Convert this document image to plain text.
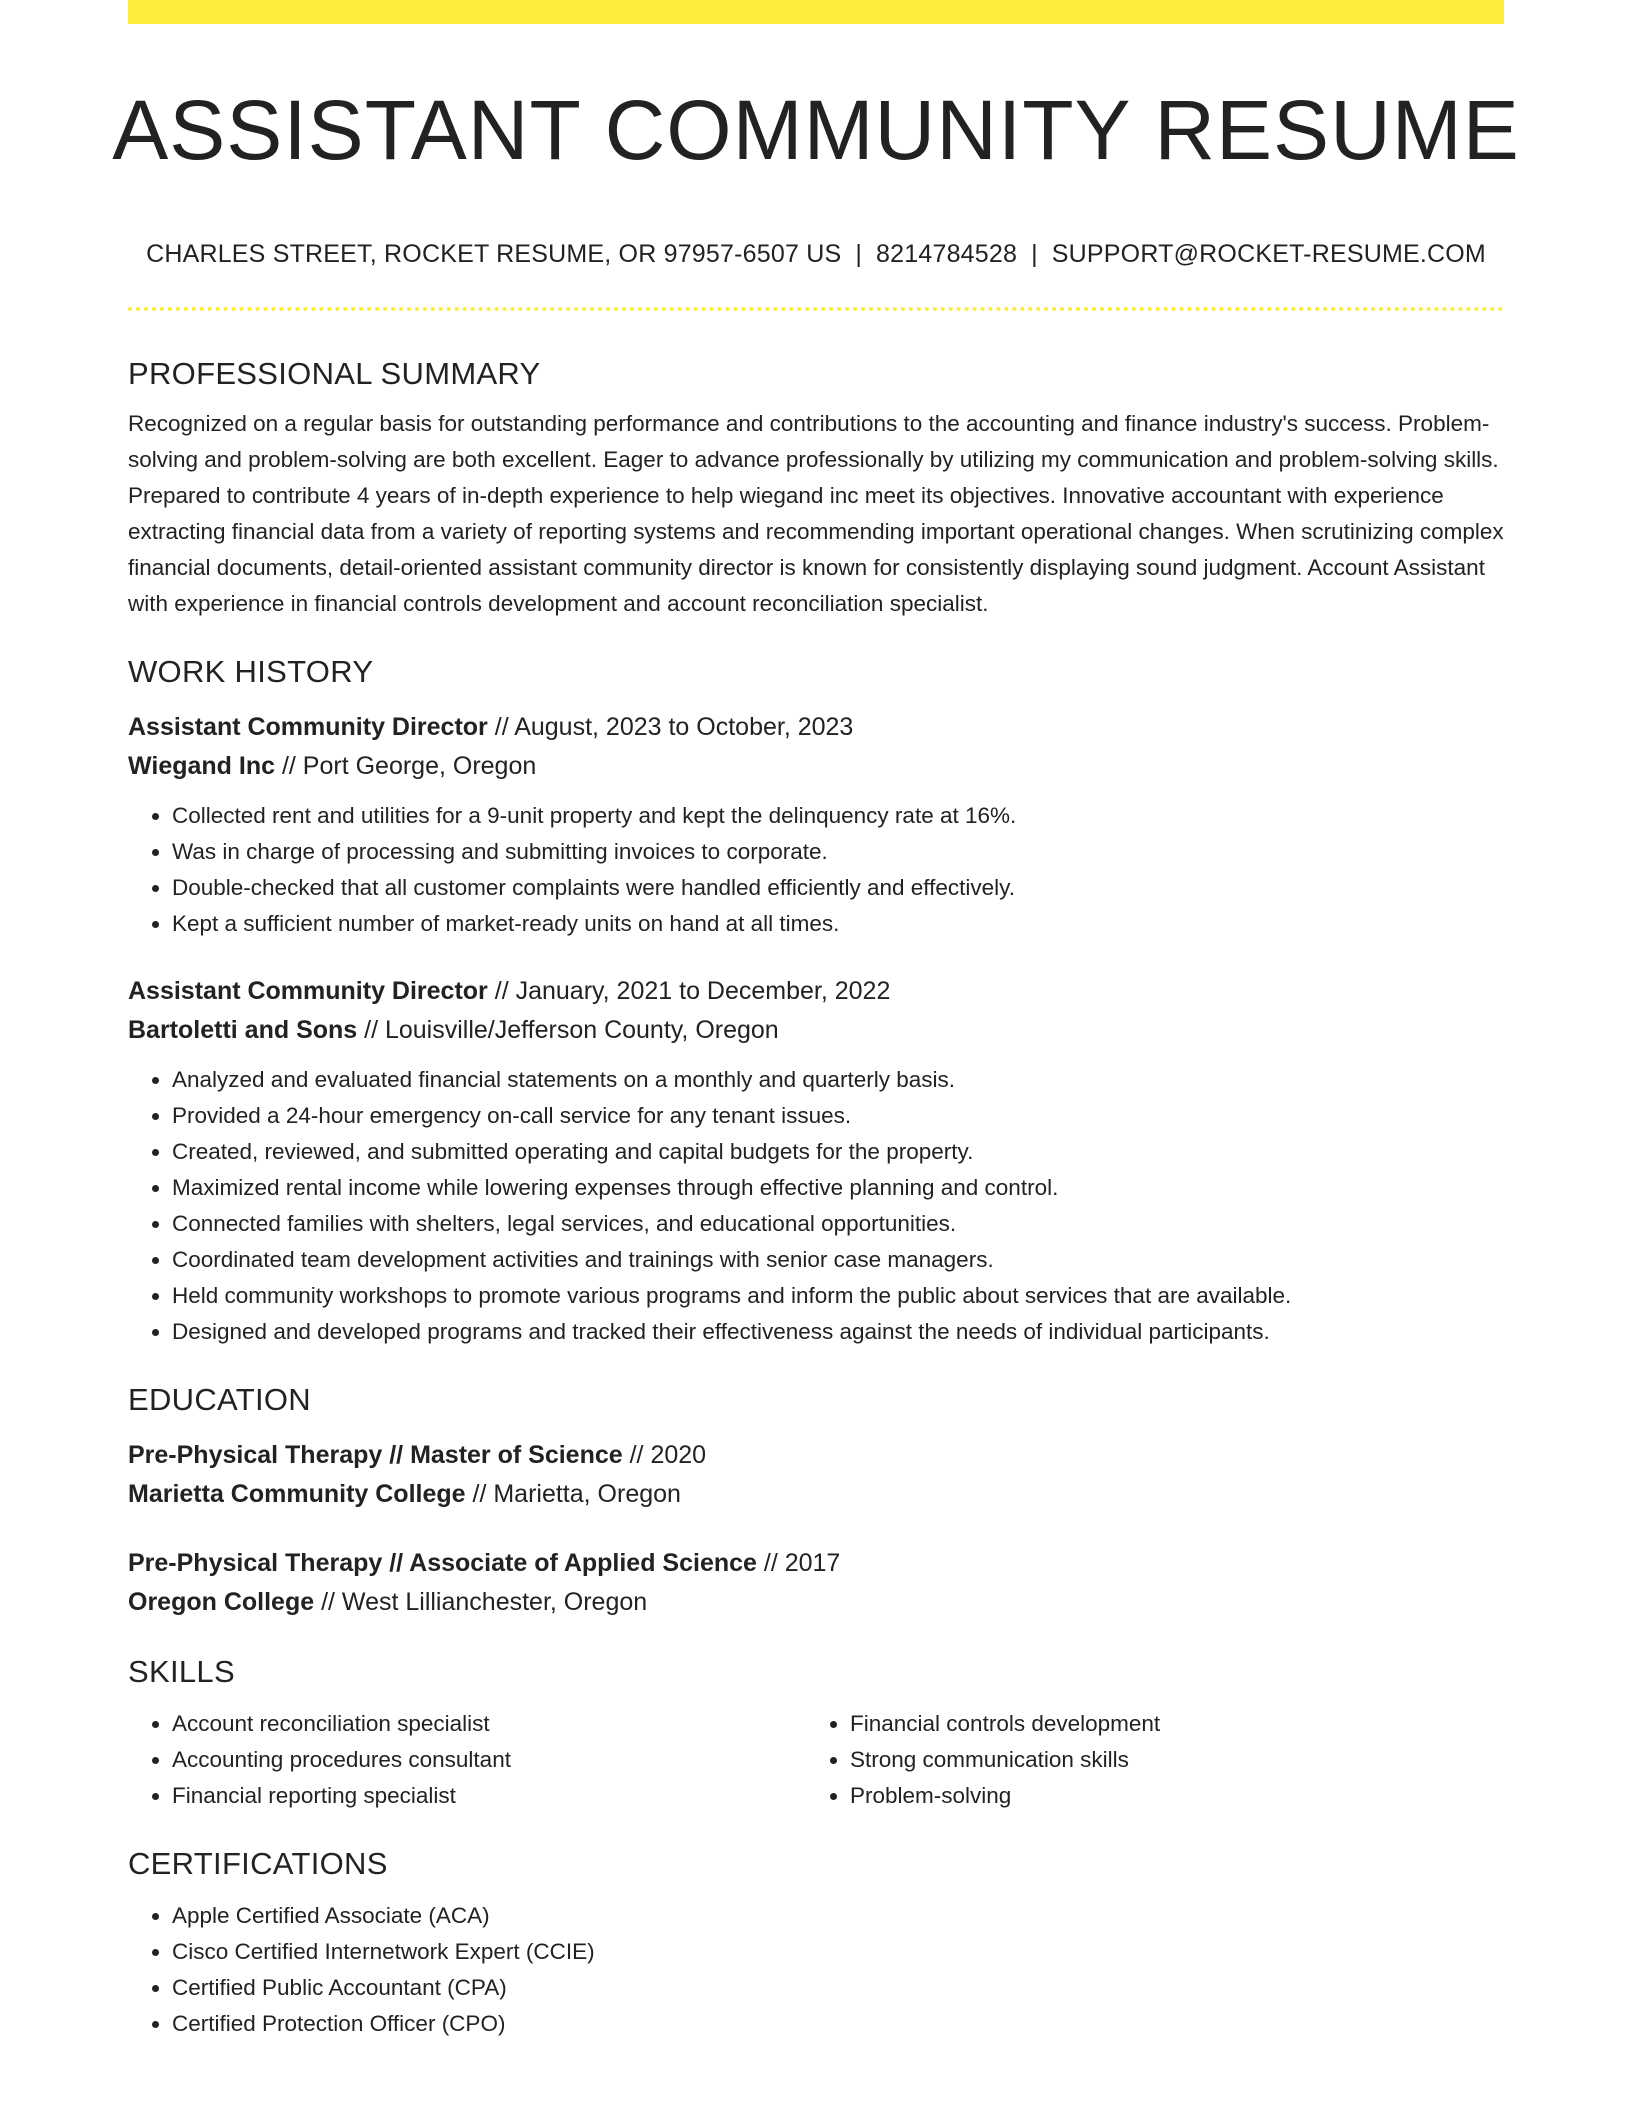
ASSISTANT COMMUNITY RESUME
CHARLES STREET, ROCKET RESUME, OR 97957-6507 US | 8214784528 | SUPPORT@ROCKET-RESUME.COM
PROFESSIONAL SUMMARY

Recognized on a regular basis for outstanding performance and contributions to the accounting and finance industry's success. Problem-solving and problem-solving are both excellent. Eager to advance professionally by utilizing my communication and problem-solving skills. Prepared to contribute 4 years of in-depth experience to help wiegand inc meet its objectives. Innovative accountant with experience extracting financial data from a variety of reporting systems and recommending important operational changes. When scrutinizing complex financial documents, detail-oriented assistant community director is known for consistently displaying sound judgment. Account Assistant with experience in financial controls development and account reconciliation specialist.

WORK HISTORY
Assistant Community Director // August, 2023 to October, 2023
Wiegand Inc // Port George, Oregon
• Collected rent and utilities for a 9-unit property and kept the delinquency rate at 16%.
• Was in charge of processing and submitting invoices to corporate.
• Double-checked that all customer complaints were handled efficiently and effectively.
• Kept a sufficient number of market-ready units on hand at all times.
Assistant Community Director // January, 2021 to December, 2022
Bartoletti and Sons // Louisville/Jefferson County, Oregon
• Analyzed and evaluated financial statements on a monthly and quarterly basis.
• Provided a 24-hour emergency on-call service for any tenant issues.
• Created, reviewed, and submitted operating and capital budgets for the property.
• Maximized rental income while lowering expenses through effective planning and control.
• Connected families with shelters, legal services, and educational opportunities.
• Coordinated team development activities and trainings with senior case managers.
• Held community workshops to promote various programs and inform the public about services that are available.
• Designed and developed programs and tracked their effectiveness against the needs of individual participants.
EDUCATION
Pre-Physical Therapy // Master of Science // 2020
Marietta Community College // Marietta, Oregon
Pre-Physical Therapy // Associate of Applied Science // 2017
Oregon College // West Lillianchester, Oregon
SKILLS
• Account reconciliation specialist
• Accounting procedures consultant
• Financial reporting specialist
• Financial controls development
• Strong communication skills
• Problem-solving
CERTIFICATIONS
• Apple Certified Associate (ACA)
• Cisco Certified Internetwork Expert (CCIE)
• Certified Public Accountant (CPA)
• Certified Protection Officer (CPO)
